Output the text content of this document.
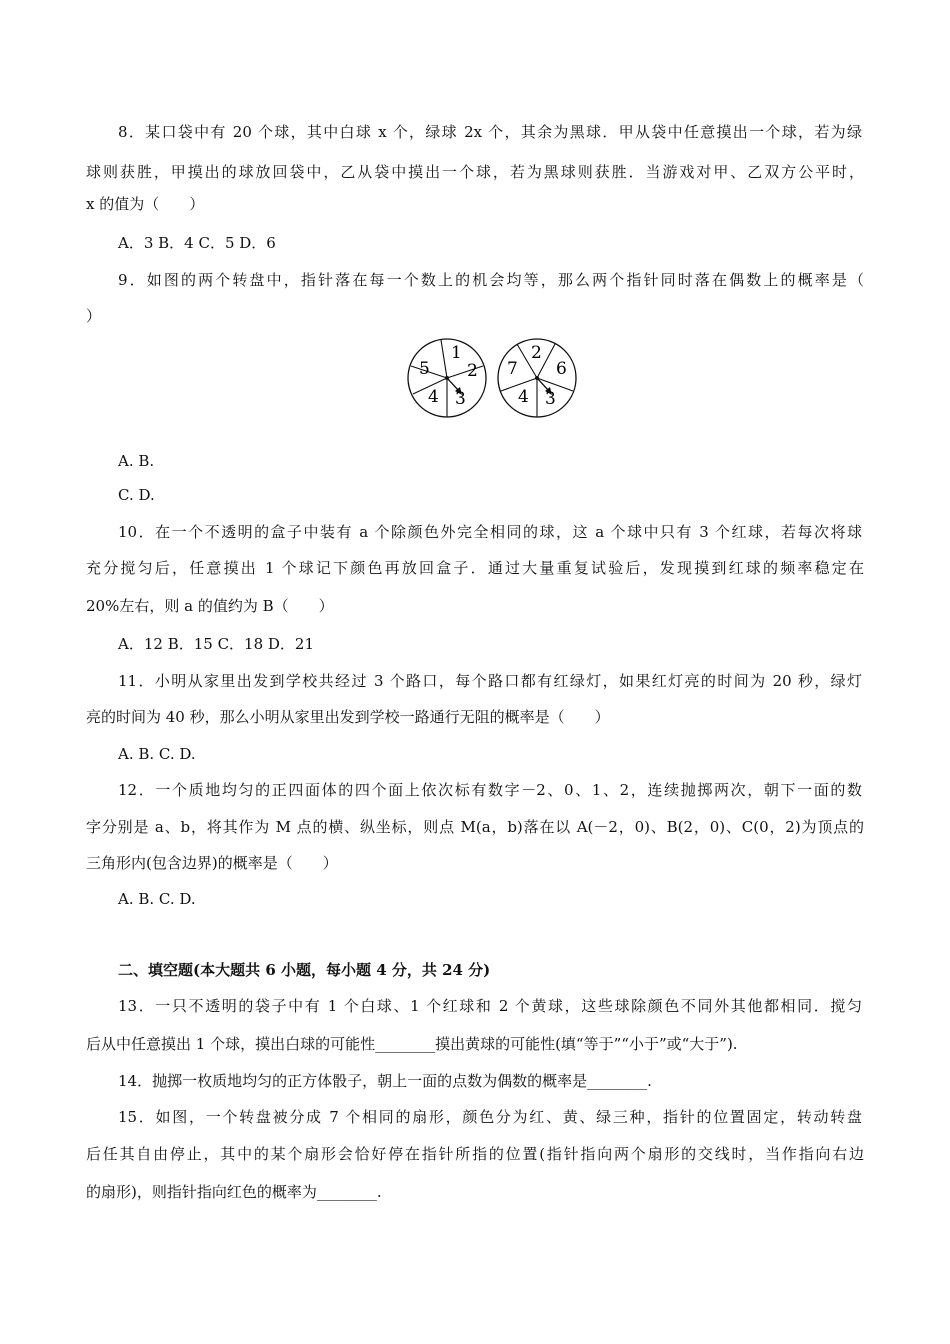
8．某口袋中有 20 个球，其中白球 x 个，绿球 2x 个，其余为黑球．甲从袋中任意摸出一个球，若为绿
球则获胜，甲摸出的球放回袋中，乙从袋中摸出一个球，若为黑球则获胜．当游戏对甲、乙双方公平时，
x 的值为（　　）
A．3 B．4 C．5 D．6
9．如图的两个转盘中，指针落在每一个数上的机会均等，那么两个指针同时落在偶数上的概率是（
）
1
2
3
4
5
2
6
3
4
7
A. B.
C. D.
10．在一个不透明的盒子中装有 a 个除颜色外完全相同的球，这 a 个球中只有 3 个红球，若每次将球
充分搅匀后，任意摸出 1 个球记下颜色再放回盒子．通过大量重复试验后，发现摸到红球的频率稳定在
20%左右，则 a 的值约为 B（　　）
A．12 B．15 C．18 D．21
11．小明从家里出发到学校共经过 3 个路口，每个路口都有红绿灯，如果红灯亮的时间为 20 秒，绿灯
亮的时间为 40 秒，那么小明从家里出发到学校一路通行无阻的概率是（　　）
A. B. C. D.
12．一个质地均匀的正四面体的四个面上依次标有数字－2、0、1、2，连续抛掷两次，朝下一面的数
字分别是 a、b，将其作为 M 点的横、纵坐标，则点 M(a，b)落在以 A(－2，0)、B(2，0)、C(0，2)为顶点的
三角形内(包含边界)的概率是（　　）
A. B. C. D.
二、填空题(本大题共 6 小题，每小题 4 分，共 24 分)
13．一只不透明的袋子中有 1 个白球、1 个红球和 2 个黄球，这些球除颜色不同外其他都相同．搅匀
后从中任意摸出 1 个球，摸出白球的可能性________摸出黄球的可能性(填“等于”“小于”或“大于”).
14．抛掷一枚质地均匀的正方体骰子，朝上一面的点数为偶数的概率是________.
15．如图，一个转盘被分成 7 个相同的扇形，颜色分为红、黄、绿三种，指针的位置固定，转动转盘
后任其自由停止，其中的某个扇形会恰好停在指针所指的位置(指针指向两个扇形的交线时，当作指向右边
的扇形)，则指针指向红色的概率为________.
